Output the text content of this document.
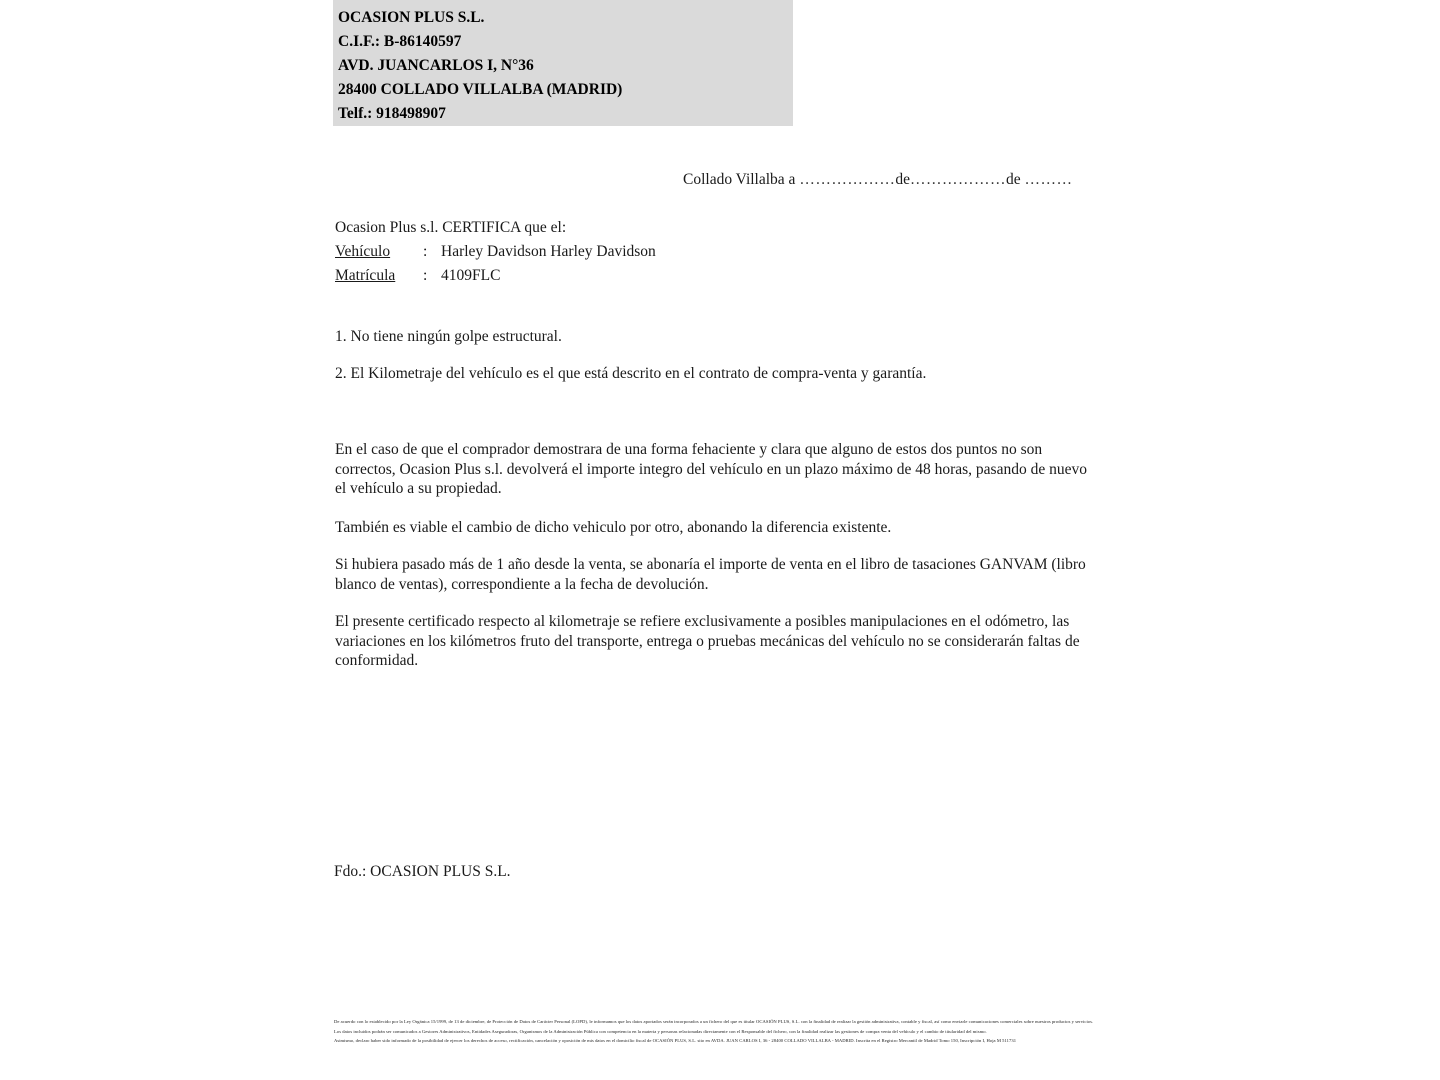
OCASION PLUS S.L.
C.I.F.: B-86140597
AVD. JUANCARLOS I, N°36
28400 COLLADO VILLALBA (MADRID)
Telf.: 918498907
Collado Villalba a ………………de………………de ………
Ocasion Plus s.l. CERTIFICA que el:
Vehículo : Harley Davidson Harley Davidson
Matrícula : 4109FLC
1. No tiene ningún golpe estructural.
2. El Kilometraje del vehículo es el que está descrito en el contrato de compra-venta y garantía.
En el caso de que el comprador demostrara de una forma fehaciente y clara que alguno de estos dos puntos no son correctos, Ocasion Plus s.l. devolverá el importe integro del vehículo en un plazo máximo de 48 horas, pasando de nuevo el vehículo a su propiedad.
También es viable el cambio de dicho vehiculo por otro, abonando la diferencia existente.
Si hubiera pasado más de 1 año desde la venta, se abonaría el importe de venta en el libro de tasaciones GANVAM (libro blanco de ventas), correspondiente a la fecha de devolución.
El presente certificado respecto al kilometraje se refiere exclusivamente a posibles manipulaciones en el odómetro, las variaciones en los kilómetros fruto del transporte, entrega o pruebas mecánicas del vehículo no se considerarán faltas de conformidad.
Fdo.: OCASION PLUS S.L.

De acuerdo con lo establecido por la Ley Orgánica 15/1999, de 13 de diciembre, de Protección de Datos de Carácter Personal (LOPD), le informamos que los datos aportados serán incorporados a un fichero del que es titular OCASIÓN PLUS, S.L. con la finalidad de realizar la gestión administrativa, contable y fiscal, así como enviarle comunicaciones comerciales sobre nuestros productos y servicios.

Los datos incluidos podrán ser comunicados a Gestores Administrativos, Entidades Aseguradoras, Organismos de la Administración Pública con competencia en la materia y personas relacionadas directamente con el Responsable del fichero, con la finalidad realizar las gestiones de compra venta del vehículo y el cambio de titularidad del mismo.

Asimismo, declaro haber sido informado de la posibilidad de ejercer los derechos de acceso, rectificación, cancelación y oposición de mis datos en el domicilio fiscal de OCASIÓN PLUS, S.L. sito en AVDA. JUAN CARLOS I, 36 - 28400 COLLADO VILLALBA - MADRID. Inscrita en el Registro Mercantil de Madrid Tomo 150, Inscripción I, Hoja M 511731
